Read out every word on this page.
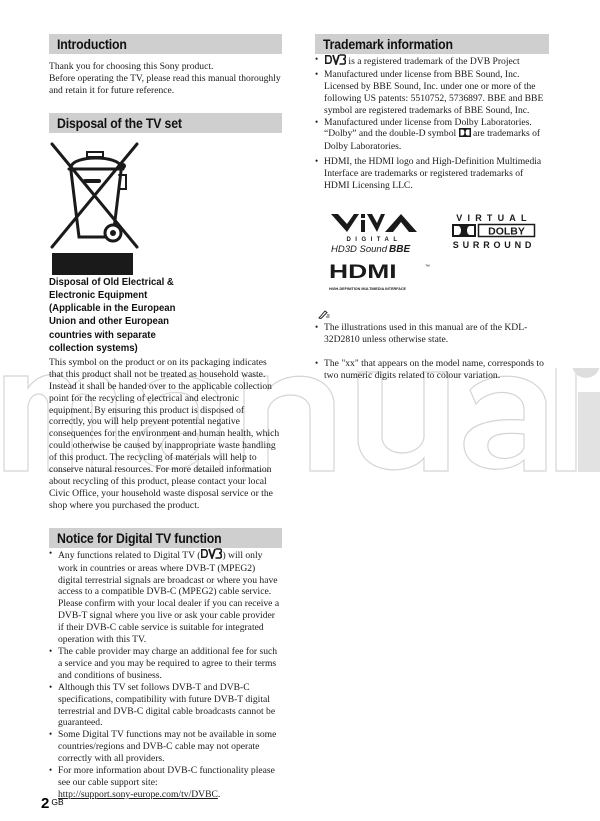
Introduction

Thank you for choosing this Sony product.

Before operating the TV, please read this manual thoroughly and retain it for future reference.

Disposal of the TV set
Disposal of Old Electrical &
Electronic Equipment
(Applicable in the European
Union and other European
countries with separate
collection systems)

This symbol on the product or on its packaging indicates that this product shall not be treated as household waste. Instead it shall be handed over to the applicable collection point for the recycling of electrical and electronic equipment. By ensuring this product is disposed of correctly, you will help prevent potential negative consequences for the environment and human health, which could otherwise be caused by inappropriate waste handling of this product. The recycling of materials will help to conserve natural resources. For more detailed information about recycling of this product, please contact your local Civic Office, your household waste disposal service or the shop where you purchased the product.

Notice for Digital TV function
• Any functions related to Digital TV ( ) will only work in countries or areas where DVB-T (MPEG2) digital terrestrial signals are broadcast or where you have access to a compatible DVB-C (MPEG2) cable service. Please confirm with your local dealer if you can receive a DVB-T signal where you live or ask your cable provider if their DVB-C cable service is suitable for integrated operation with this TV.
• The cable provider may charge an additional fee for such a service and you may be required to agree to their terms and conditions of business.
• Although this TV set follows DVB-T and DVB-C specifications, compatibility with future DVB-T digital terrestrial and DVB-C digital cable broadcasts cannot be guaranteed.
• Some Digital TV functions may not be available in some countries/regions and DVB-C cable may not operate correctly with all providers.
• For more information about DVB-C functionality please see our cable support site:
http://support.sony-europe.com/tv/DVBC.
Trademark information
• is a registered trademark of the DVB Project
• Manufactured under license from BBE Sound, Inc. Licensed by BBE Sound, Inc. under one or more of the following US patents: 5510752, 5736897. BBE and BBE symbol are registered trademarks of BBE Sound, Inc.
• Manufactured under license from Dolby Laboratories. “Dolby” and the double-D symbol  are trademarks of Dolby Laboratories.
• HDMI, the HDMI logo and High-Definition Multimedia Interface are trademarks or registered trademarks of HDMI Licensing LLC.
DIGITAL
HD3D Sound BBE
VIRTUAL
DOLBY
SURROUND
HDMI	™
HIGH-DEFINITION MULTIMEDIA INTERFACE
• The illustrations used in this manual are of the KDL-32D2810 unless otherwise state.
• The "xx" that appears on the model name, corresponds to two numeric digits related to colour variation.
2 $^{GB}$
